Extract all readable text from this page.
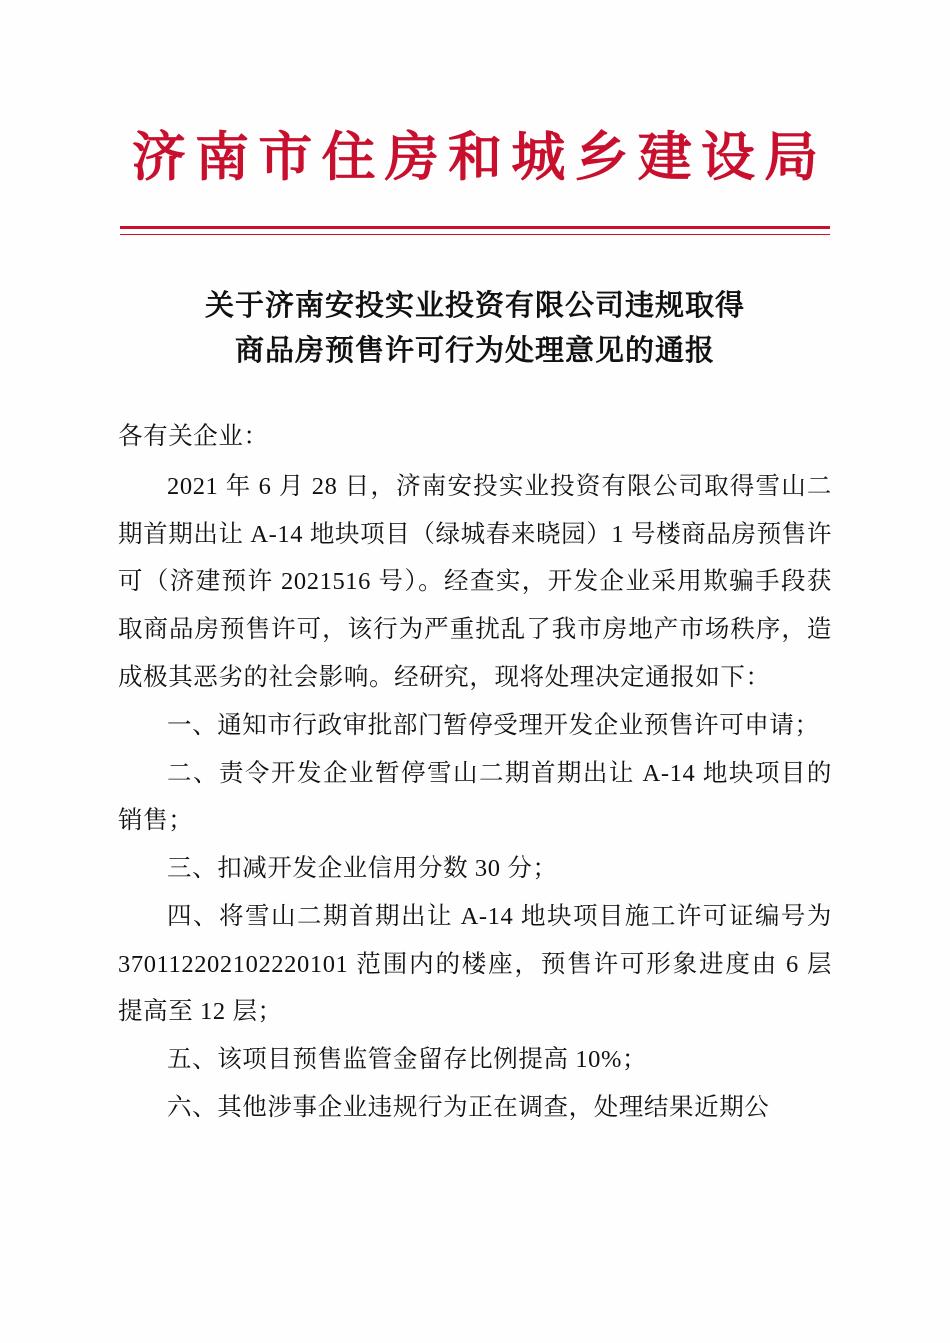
济南市住房和城乡建设局
关于济南安投实业投资有限公司违规取得
商品房预售许可行为处理意见的通报

各有关企业：

2021 年 6 月 28 日，济南安投实业投资有限公司取得雪山二期首期出让 A-14 地块项目（绿城春来晓园）1 号楼商品房预售许可（济建预许 2021516 号）。经查实，开发企业采用欺骗手段获取商品房预售许可，该行为严重扰乱了我市房地产市场秩序，造成极其恶劣的社会影响。经研究，现将处理决定通报如下：

一、通知市行政审批部门暂停受理开发企业预售许可申请；

二、责令开发企业暂停雪山二期首期出让 A-14 地块项目的销售；

三、扣减开发企业信用分数 30 分；

四、将雪山二期首期出让 A-14 地块项目施工许可证编号为 370112202102220101 范围内的楼座，预售许可形象进度由 6 层提高至 12 层；

五、该项目预售监管金留存比例提高 10%；

六、其他涉事企业违规行为正在调查，处理结果近期公
